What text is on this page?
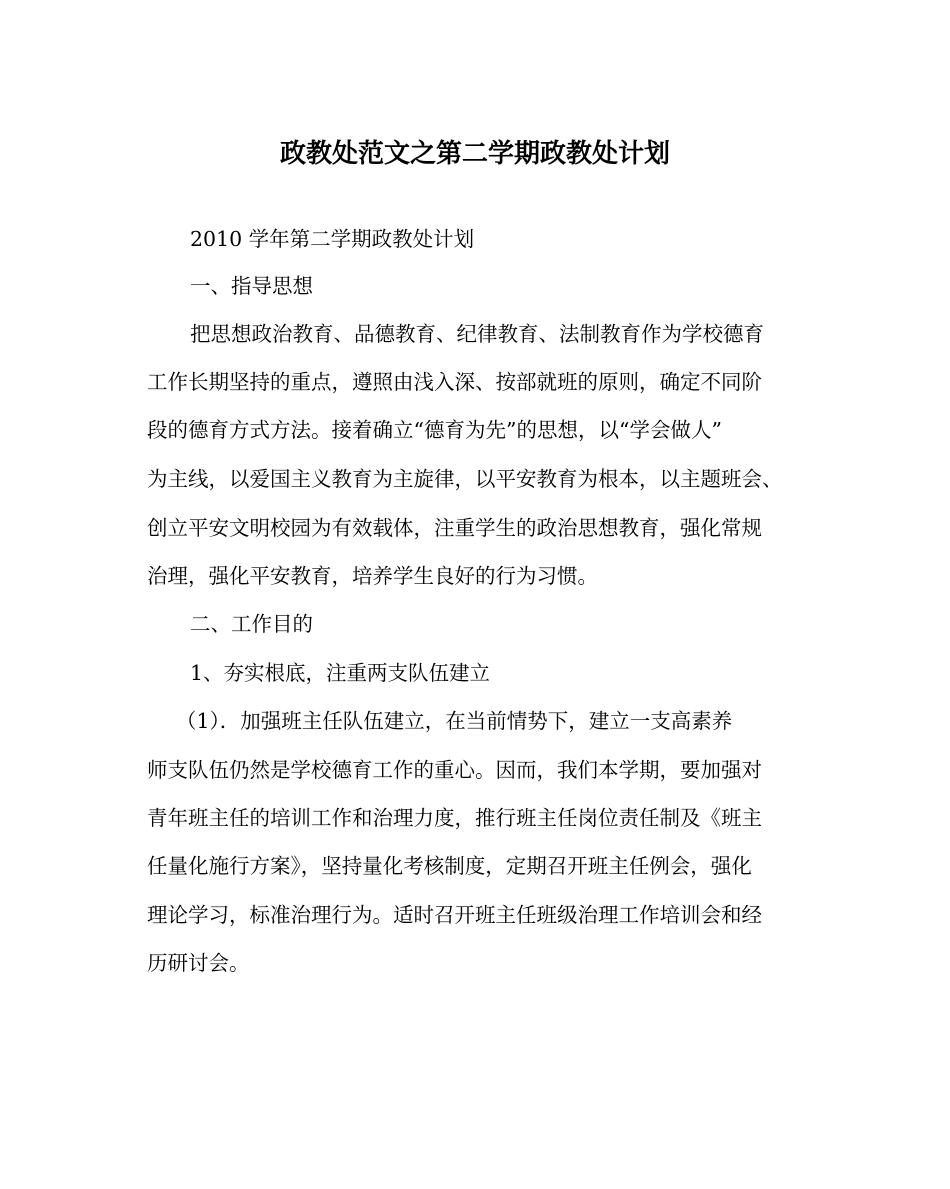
政教处范文之第二学期政教处计划
2010 学年第二学期政教处计划
一、指导思想
把思想政治教育、品德教育、纪律教育、法制教育作为学校德育
工作长期坚持的重点，遵照由浅入深、按部就班的原则，确定不同阶
段的德育方式方法。接着确立“德育为先”的思想，以“学会做人”
为主线，以爱国主义教育为主旋律，以平安教育为根本，以主题班会、
创立平安文明校园为有效载体，注重学生的政治思想教育，强化常规
治理，强化平安教育，培养学生良好的行为习惯。
二、工作目的
1、夯实根底，注重两支队伍建立
（1）．加强班主任队伍建立，在当前情势下，建立一支高素养
师支队伍仍然是学校德育工作的重心。因而，我们本学期，要加强对
青年班主任的培训工作和治理力度，推行班主任岗位责任制及《班主
任量化施行方案》，坚持量化考核制度，定期召开班主任例会，强化
理论学习，标准治理行为。适时召开班主任班级治理工作培训会和经
历研讨会。
